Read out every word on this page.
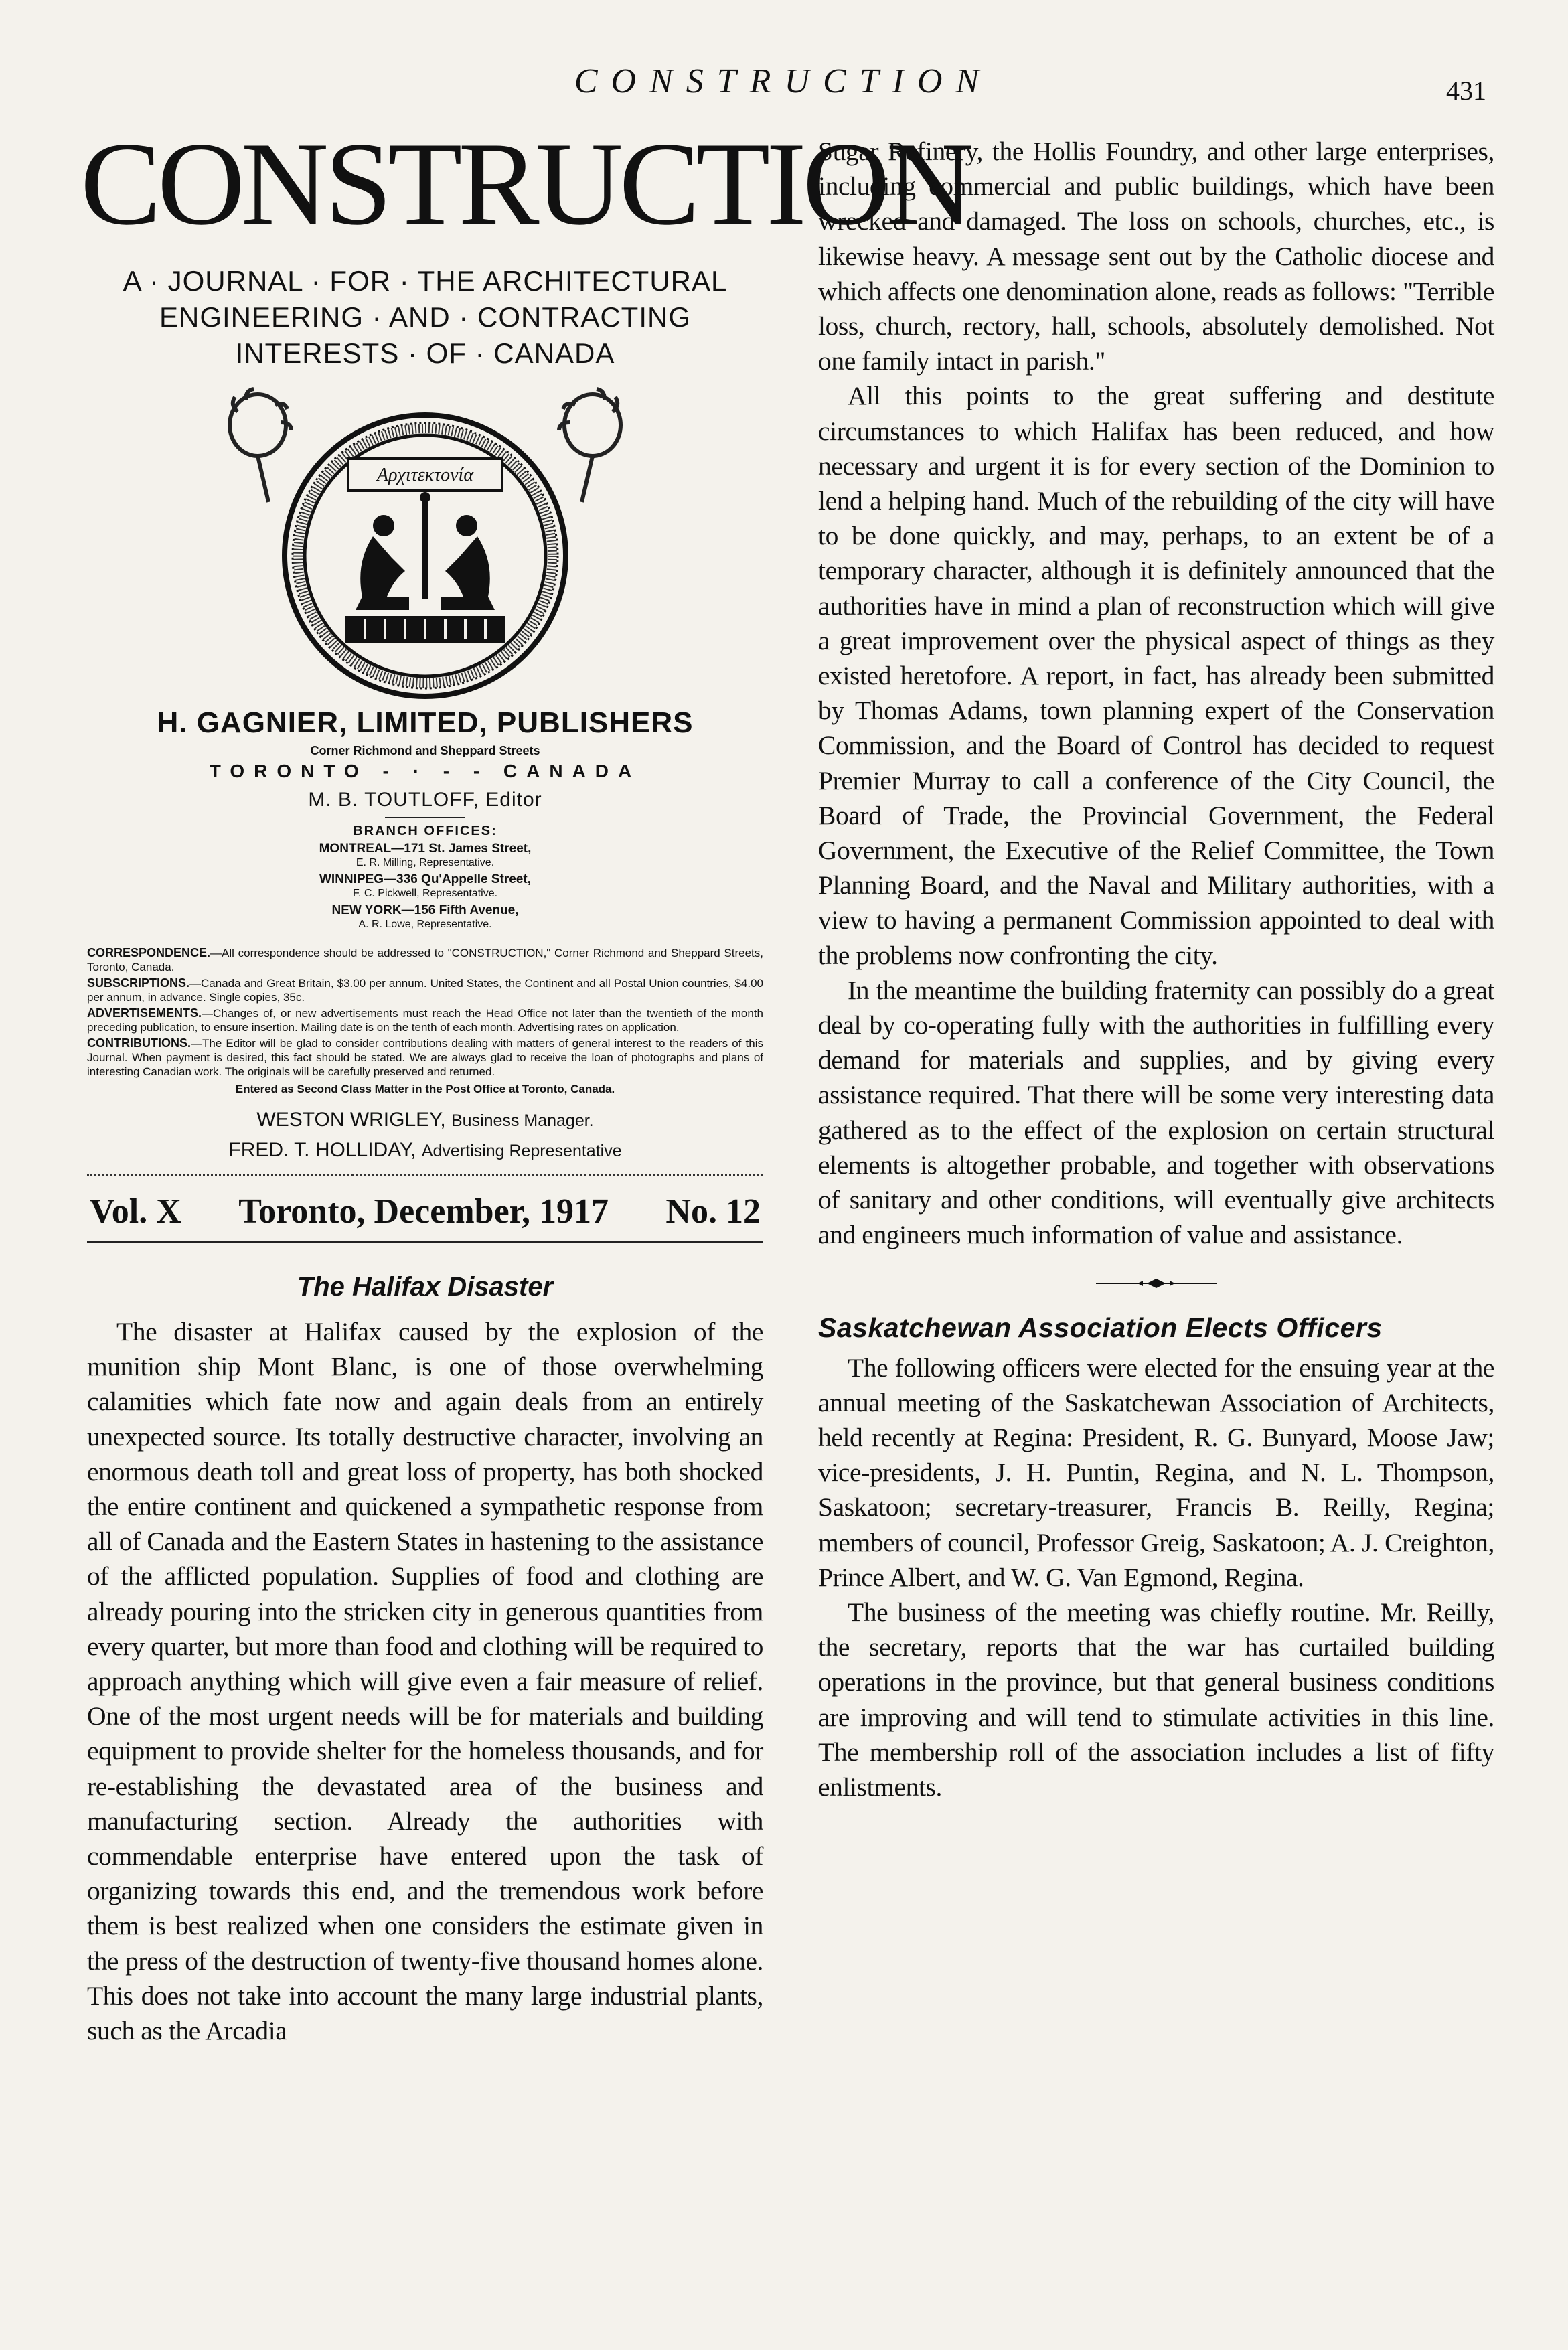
CONSTRUCTION	431
CONSTRUCTION
A · JOURNAL · FOR · THE ARCHITECTURAL
ENGINEERING · AND · CONTRACTING
INTERESTS · OF · CANADA
Αρχιτεκτονία
H. GAGNIER, LIMITED, PUBLISHERS
Corner Richmond and Sheppard Streets
TORONTO - · - - CANADA
M. B. TOUTLOFF, Editor
BRANCH OFFICES:
MONTREAL—171 St. James Street,
E. R. Milling, Representative.
WINNIPEG—336 Qu'Appelle Street,
F. C. Pickwell, Representative.
NEW YORK—156 Fifth Avenue,
A. R. Lowe, Representative.

CORRESPONDENCE.—All correspondence should be addressed to "CONSTRUCTION," Corner Richmond and Sheppard Streets, Toronto, Canada.

SUBSCRIPTIONS.—Canada and Great Britain, $3.00 per annum. United States, the Continent and all Postal Union countries, $4.00 per annum, in advance. Single copies, 35c.

ADVERTISEMENTS.—Changes of, or new advertisements must reach the Head Office not later than the twentieth of the month preceding publication, to ensure insertion. Mailing date is on the tenth of each month. Advertising rates on application.

CONTRIBUTIONS.—The Editor will be glad to consider contributions dealing with matters of general interest to the readers of this Journal. When payment is desired, this fact should be stated. We are always glad to receive the loan of photographs and plans of interesting Canadian work. The originals will be carefully preserved and returned.

Entered as Second Class Matter in the Post Office at Toronto, Canada.
WESTON WRIGLEY, Business Manager.
FRED. T. HOLLIDAY, Advertising Representative
Vol. X Toronto, December, 1917 No. 12
The Halifax Disaster

The disaster at Halifax caused by the explosion of the munition ship Mont Blanc, is one of those overwhelming calamities which fate now and again deals from an entirely unexpected source. Its totally destructive character, involving an enormous death toll and great loss of property, has both shocked the entire continent and quickened a sympathetic response from all of Canada and the Eastern States in hastening to the assistance of the afflicted population. Supplies of food and clothing are already pouring into the stricken city in generous quantities from every quarter, but more than food and clothing will be required to approach anything which will give even a fair measure of relief. One of the most urgent needs will be for materials and building equipment to provide shelter for the homeless thousands, and for re-establishing the devastated area of the business and manufacturing section. Already the authorities with commendable enterprise have entered upon the task of organizing towards this end, and the tremendous work before them is best realized when one considers the estimate given in the press of the destruction of twenty-five thousand homes alone. This does not take into account the many large industrial plants, such as the Arcadia

Sugar Refinery, the Hollis Foundry, and other large enterprises, including commercial and public buildings, which have been wrecked and damaged. The loss on schools, churches, etc., is likewise heavy. A message sent out by the Catholic diocese and which affects one denomination alone, reads as follows: "Terrible loss, church, rectory, hall, schools, absolutely demolished. Not one family intact in parish."

All this points to the great suffering and destitute circumstances to which Halifax has been reduced, and how necessary and urgent it is for every section of the Dominion to lend a helping hand. Much of the rebuilding of the city will have to be done quickly, and may, perhaps, to an extent be of a temporary character, although it is definitely announced that the authorities have in mind a plan of reconstruction which will give a great improvement over the physical aspect of things as they existed heretofore. A report, in fact, has already been submitted by Thomas Adams, town planning expert of the Conservation Commission, and the Board of Control has decided to request Premier Murray to call a conference of the City Council, the Board of Trade, the Provincial Government, the Federal Government, the Executive of the Relief Committee, the Town Planning Board, and the Naval and Military authorities, with a view to having a permanent Commission appointed to deal with the problems now confronting the city.

In the meantime the building fraternity can possibly do a great deal by co-operating fully with the authorities in fulfilling every demand for materials and supplies, and by giving every assistance required. That there will be some very interesting data gathered as to the effect of the explosion on certain structural elements is altogether probable, and together with observations of sanitary and other conditions, will eventually give architects and engineers much information of value and assistance.

Saskatchewan Association Elects Officers

The following officers were elected for the ensuing year at the annual meeting of the Saskatchewan Association of Architects, held recently at Regina: President, R. G. Bunyard, Moose Jaw; vice-presidents, J. H. Puntin, Regina, and N. L. Thompson, Saskatoon; secretary-treasurer, Francis B. Reilly, Regina; members of council, Professor Greig, Saskatoon; A. J. Creighton, Prince Albert, and W. G. Van Egmond, Regina.

The business of the meeting was chiefly routine. Mr. Reilly, the secretary, reports that the war has curtailed building operations in the province, but that general business conditions are improving and will tend to stimulate activities in this line. The membership roll of the association includes a list of fifty enlistments.
